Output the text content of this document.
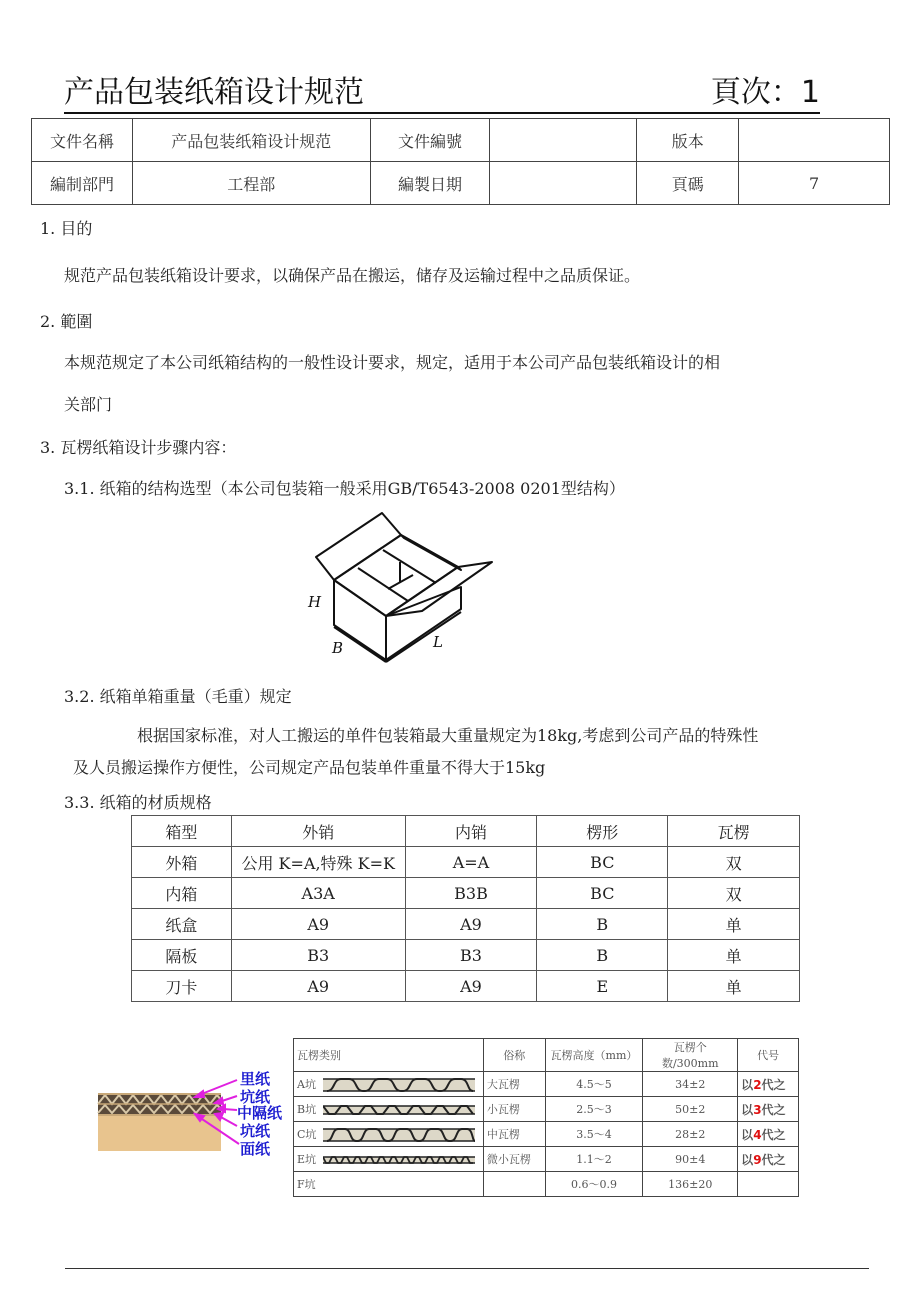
产品包装纸箱设计规范	頁次：1
文件名稱	产品包装纸箱设计规范	文件編號		版本	
編制部門	工程部	編製日期		頁碼	7
1. 目的
规范产品包装纸箱设计要求，以确保产品在搬运，储存及运输过程中之品质保证。
2. 範圍
本规范规定了本公司纸箱结构的一般性设计要求，规定，适用于本公司产品包装纸箱设计的相
关部门
3. 瓦楞纸箱设计步骤内容：
3.1. 纸箱的结构选型（本公司包装箱一般采用GB/T6543-2008 0201型结构）
H
B	L
3.2. 纸箱单箱重量（毛重）规定
根据国家标准，对人工搬运的单件包装箱最大重量规定为18kg,考虑到公司产品的特殊性
及人员搬运操作方便性，公司规定产品包装单件重量不得大于15kg
3.3. 纸箱的材质规格
箱型	外销	内销	楞形	瓦楞
外箱	公用 K=A,特殊 K=K	A=A	BC	双
内箱	A3A	B3B	BC	双
纸盒	A9	A9	B	单
隔板	B3	B3	B	单
刀卡	A9	A9	E	单
里纸
坑纸
中隔纸
坑纸
面纸
瓦楞类别	俗称	瓦楞高度（mm）	瓦楞个数/300mm	代号
A坑	大瓦楞	4.5～5	34±2	以2代之
B坑	小瓦楞	2.5～3	50±2	以3代之
C坑	中瓦楞	3.5～4	28±2	以4代之
E坑	微小瓦楞	1.1～2	90±4	以9代之
F坑		0.6～0.9	136±20	
